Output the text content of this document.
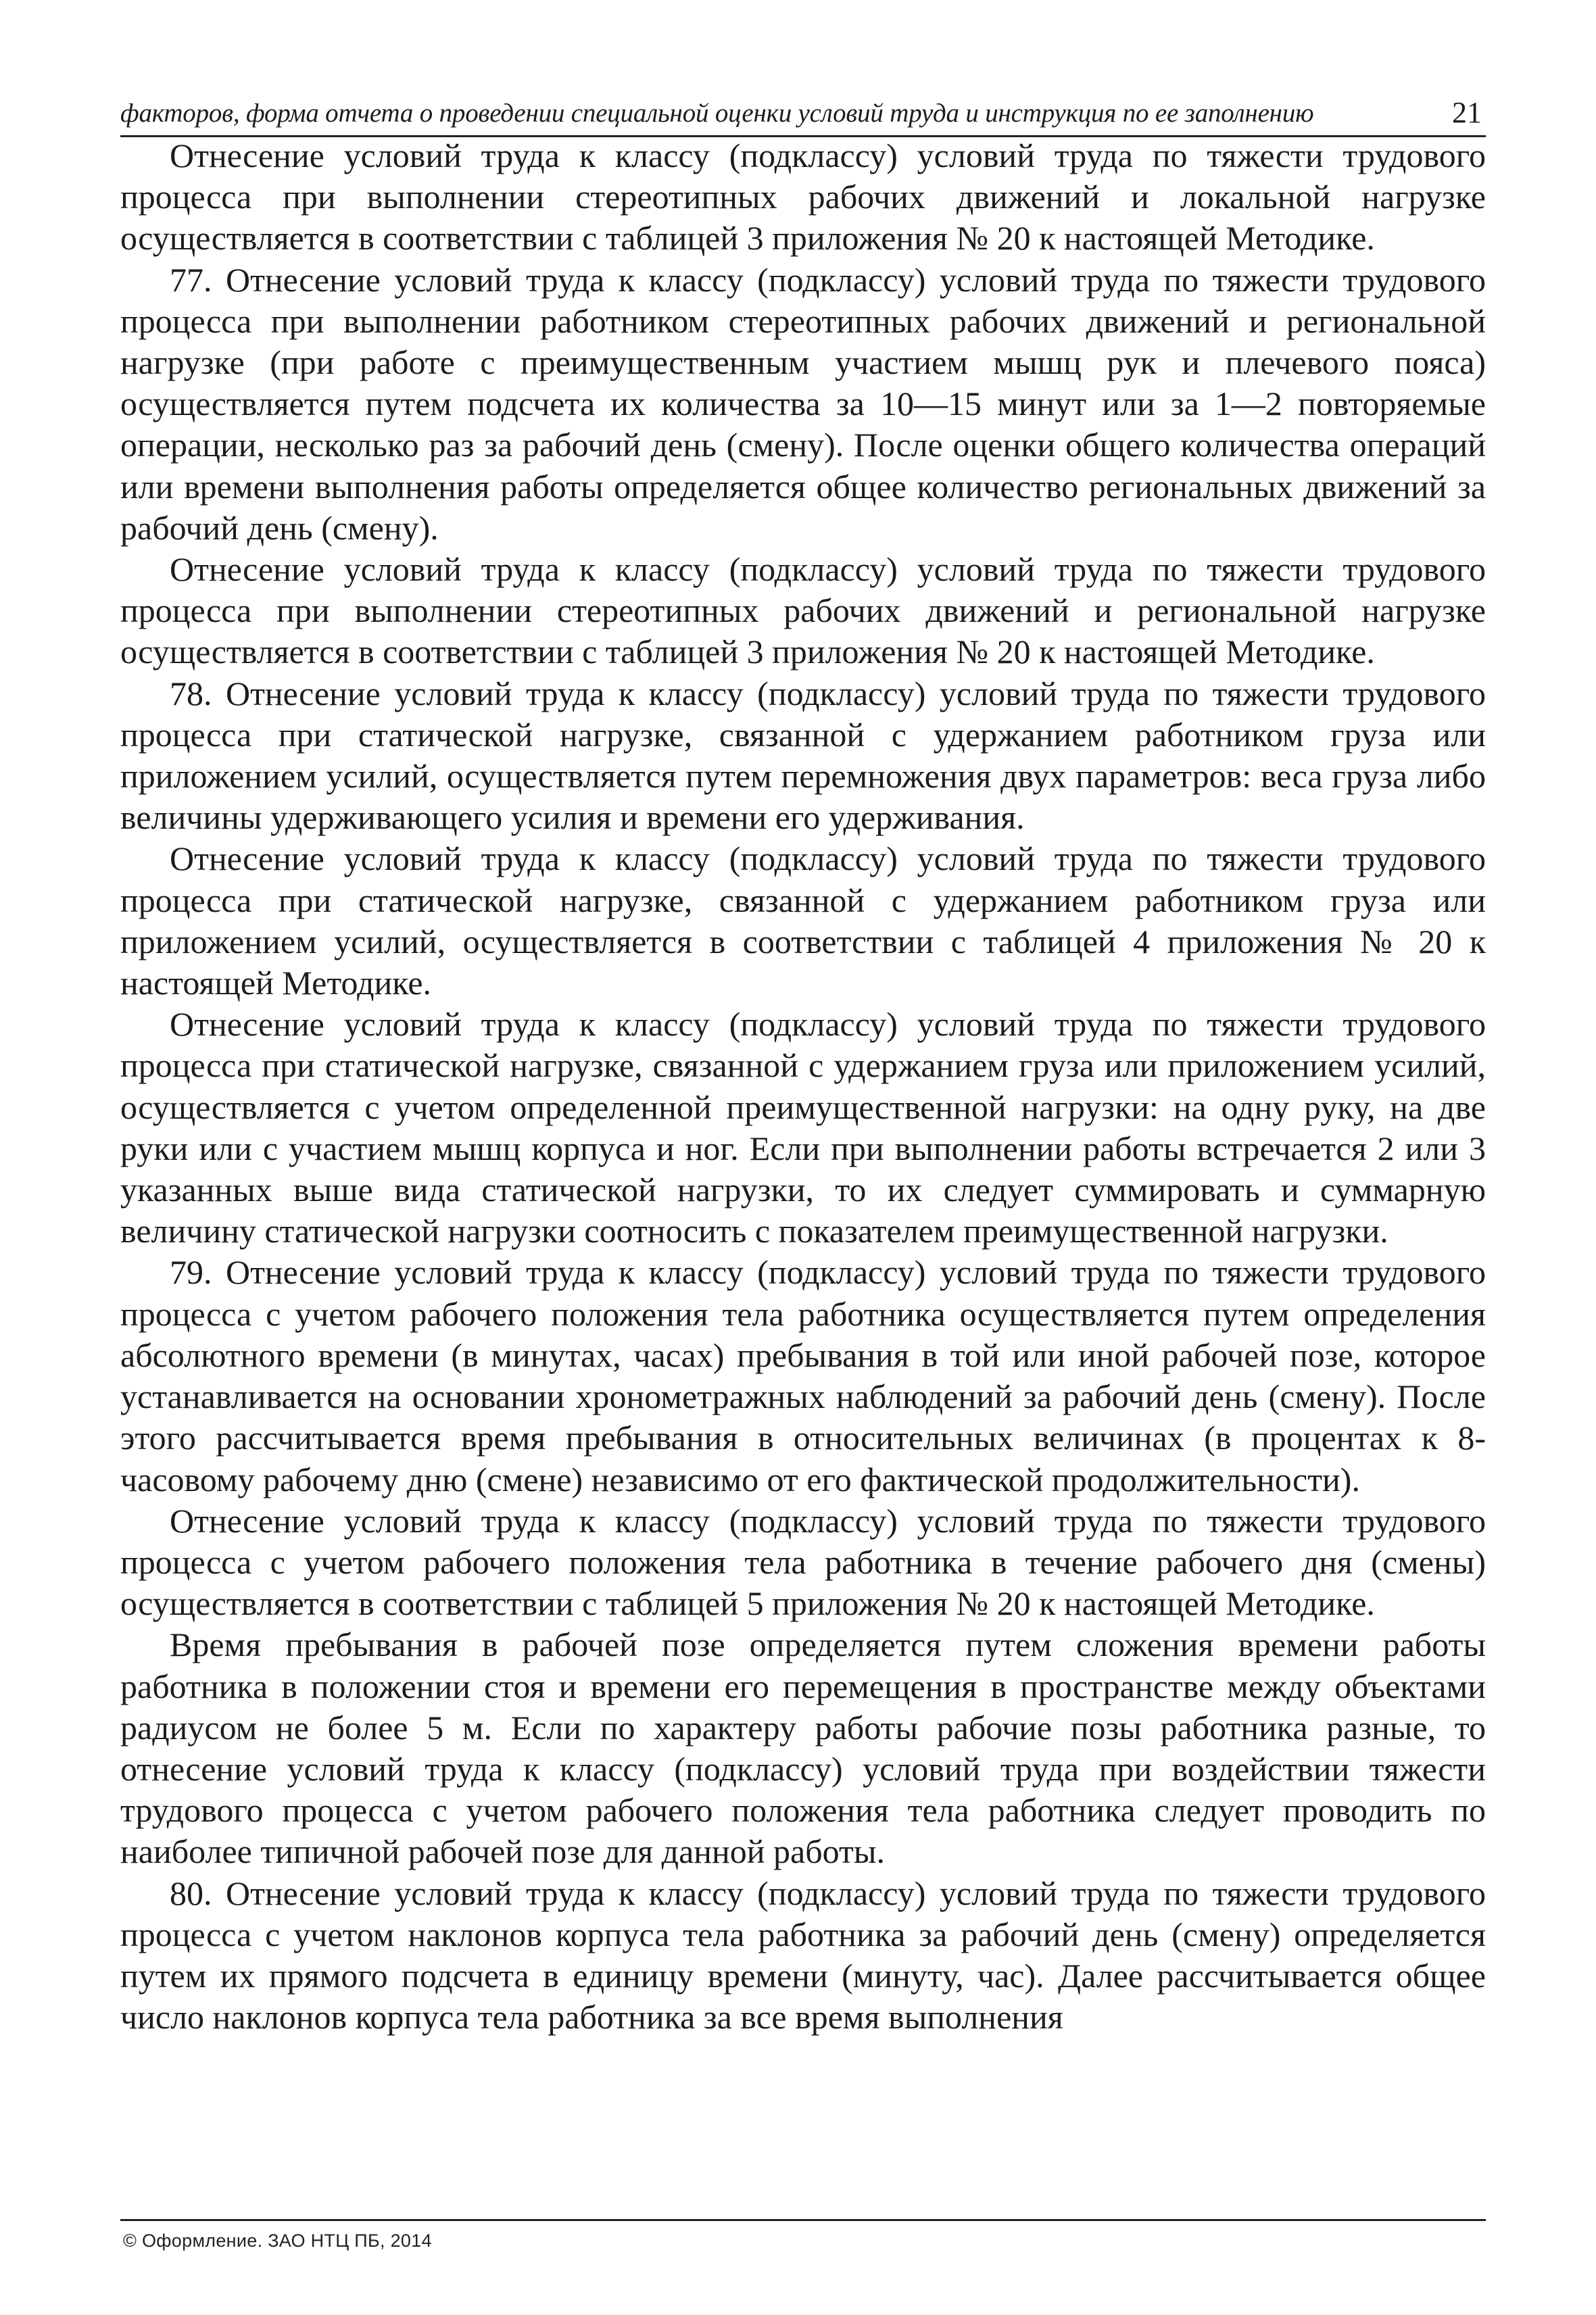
факторов, форма отчета о проведении специальной оценки условий труда и инструкция по ее заполнению	21

Отнесение условий труда к классу (подклассу) условий труда по тяжести трудового процесса при выполнении стереотипных рабочих движений и локальной нагрузке осуществляется в соответствии с таблицей 3 приложения № 20 к настоящей Методике.

77. Отнесение условий труда к классу (подклассу) условий труда по тяжести трудового процесса при выполнении работником стереотипных рабочих движений и региональной нагрузке (при работе с преимущественным участием мышц рук и плечевого пояса) осуществляется путем подсчета их количества за 10—15 минут или за 1—2 повторяемые операции, несколько раз за рабочий день (смену). После оценки общего количества операций или времени выполнения работы определяется общее количество региональных движений за рабочий день (смену).

Отнесение условий труда к классу (подклассу) условий труда по тяжести трудового процесса при выполнении стереотипных рабочих движений и региональной нагрузке осуществляется в соответствии с таблицей 3 приложения № 20 к настоящей Методике.

78. Отнесение условий труда к классу (подклассу) условий труда по тяжести трудового процесса при статической нагрузке, связанной с удержанием работником груза или приложением усилий, осуществляется путем перемножения двух параметров: веса груза либо величины удерживающего усилия и времени его удерживания.

Отнесение условий труда к классу (подклассу) условий труда по тяжести трудового процесса при статической нагрузке, связанной с удержанием работником груза или приложением усилий, осуществляется в соответствии с таблицей 4 приложения № 20 к настоящей Методике.

Отнесение условий труда к классу (подклассу) условий труда по тяжести трудового процесса при статической нагрузке, связанной с удержанием груза или приложением усилий, осуществляется с учетом определенной преимущественной нагрузки: на одну руку, на две руки или с участием мышц корпуса и ног. Если при выполнении работы встречается 2 или 3 указанных выше вида статической нагрузки, то их следует суммировать и суммарную величину статической нагрузки соотносить с показателем преимущественной нагрузки.

79. Отнесение условий труда к классу (подклассу) условий труда по тяжести трудового процесса с учетом рабочего положения тела работника осуществляется путем определения абсолютного времени (в минутах, часах) пребывания в той или иной рабочей позе, которое устанавливается на основании хронометражных наблюдений за рабочий день (смену). После этого рассчитывается время пребывания в относительных величинах (в процентах к 8-часовому рабочему дню (смене) независимо от его фактической продолжительности).

Отнесение условий труда к классу (подклассу) условий труда по тяжести трудового процесса с учетом рабочего положения тела работника в течение рабочего дня (смены) осуществляется в соответствии с таблицей 5 приложения № 20 к настоящей Методике.

Время пребывания в рабочей позе определяется путем сложения времени работы работника в положении стоя и времени его перемещения в пространстве между объектами радиусом не более 5 м. Если по характеру работы рабочие позы работника разные, то отнесение условий труда к классу (подклассу) условий труда при воздействии тяжести трудового процесса с учетом рабочего положения тела работника следует проводить по наиболее типичной рабочей позе для данной работы.

80. Отнесение условий труда к классу (подклассу) условий труда по тяжести трудового процесса с учетом наклонов корпуса тела работника за рабочий день (смену) определяется путем их прямого подсчета в единицу времени (минуту, час). Далее рассчитывается общее число наклонов корпуса тела работника за все время выполнения

© Оформление. ЗАО НТЦ ПБ, 2014
